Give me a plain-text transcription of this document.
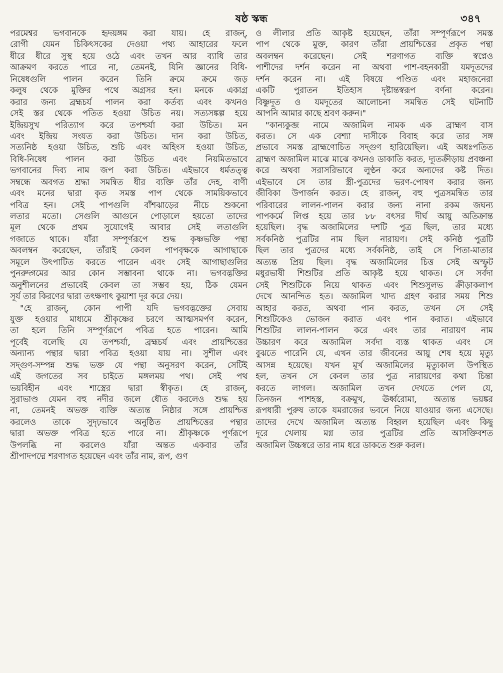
ষষ্ঠ স্কন্ধ	৩৪৭
পরমেশ্বর ভগবানকে হৃদয়ঙ্গম করা যায়। হে রাজন্‌,
রোগী যেমন চিকিৎসকের দেওয়া পথ্য আহারের ফলে
ধীরে ধীরে সুস্থ হয়ে ওঠে এবং তখন আর ব্যাধি তার
আক্রমণ করতে পারে না, তেমনই, যিনি জ্ঞানের বিধি-
নিষেধগুলি পালন করেন তিনি ক্রমে ক্রমে জড়
কলুষ থেকে মুক্তির পথে অগ্রসর হন। মনকে একাগ্র
করার জন্য ব্রহ্মচর্য পালন করা কর্তব্য এবং কখনও
সেই স্তর থেকে পতিত হওয়া উচিত নয়। সত্যসঙ্কল্প হয়ে
ইন্দ্রিয়সুখ পরিত্যাগ করে তপশ্চর্যা করা উচিত। মন
এবং ইন্দ্রিয় সংযত করা উচিত। দান করা উচিত,
সত্যনিষ্ঠ হওয়া উচিত, শুচি এবং অহিংস হওয়া উচিত,
বিধি-নিষেধ পালন করা উচিত এবং নিয়মিতভাবে
ভগবানের দিব্য নাম জপ করা উচিত। এইভাবে ধর্মতত্ত্ব
সম্বন্ধে অবগত শ্রদ্ধা সমন্বিত ধীর ব্যক্তি তাঁর দেহ, বাণী
এবং মনের দ্বারা কৃত সমস্ত পাপ থেকে সাময়িকভাবে
পবিত্র হন। সেই পাপগুলি বাঁশঝাড়ের নীচে শুকনো
লতার মতো। সেগুলি আগুনে পোড়ালে হয়তো তাদের
মূল থেকে প্রথম সুযোগেই আবার সেই লতাগুলি
গজাতে থাকে। যাঁরা সম্পূর্ণরূপে শুদ্ধ কৃষ্ণভক্তি পন্থা
অবলম্বন করেছেন, তাঁরাই কেবল পাপবৃক্ষকে আগাছাকে
সমূলে উৎপাটিত করতে পারেন এবং সেই আগাছাগুলির
পুনরুদ্গমের আর কোন সম্ভাবনা থাকে না। ভগবদ্ভক্তির
অনুশীলনের প্রভাবেই কেবল তা সম্ভব হয়, ঠিক যেমন
সূর্য তার কিরণের দ্বারা তৎক্ষণাৎ কুয়াশা দূর করে দেয়।
"হে রাজন্‌, কোন পাপী যদি ভগবদ্ভক্তের সেবায়
যুক্ত হওয়ার মাধ্যমে শ্রীকৃষ্ণের চরণে আত্মসমর্পণ করেন,
তা হলে তিনি সম্পূর্ণরূপে পবিত্র হতে পারেন। আমি
পূর্বেই বলেছি যে তপশ্চর্যা, ব্রহ্মচর্য এবং প্রায়শ্চিত্তের
অন্যান্য পন্থার দ্বারা পবিত্র হওয়া যায় না। সুশীল এবং
সদ্গুণ-সম্পন্ন শুদ্ধ ভক্ত যে পন্থা অনুসরণ করেন, সেটিই
এই জগতের সব চাইতে মঙ্গলময় পথ। সেই পথ
ভয়বিহীন এবং শাস্ত্রের দ্বারা স্বীকৃত। হে রাজন্‌,
সুরাভাণ্ড যেমন বহু নদীর জলে ধৌত করলেও শুদ্ধ হয়
না, তেমনই অভক্ত ব্যক্তি অত্যন্ত নিষ্ঠার সঙ্গে প্রায়শ্চিত্ত
করলেও তাকে সুদৃঢ়ভাবে অনুষ্ঠিত প্রায়শ্চিত্তের পন্থার
দ্বারা অভক্ত পবিত্র হতে পারে না। শ্রীকৃষ্ণকে পূর্ণরূপে
উপলব্ধি না করলেও যাঁরা অন্তত একবার তাঁর
শ্রীপাদপদ্মে শরণাগত হয়েছেন এবং তাঁর নাম, রূপ, গুণ
ও লীলার প্রতি আকৃষ্ট হয়েছেন, তাঁরা সম্পূর্ণরূপে সমস্ত
পাপ থেকে মুক্ত, কারণ তাঁরা প্রায়শ্চিত্তের প্রকৃত পন্থা
অবলম্বন করেছেন। সেই শরণাগত ব্যক্তি স্বপ্নেও
পাশীদের দর্শন করেন না অথবা পাশ-বহনকারী যমদূতদের
দর্শন করেন না। এই বিষয়ে পণ্ডিত এবং মহাজনেরা
একটি পুরাতন ইতিহাস দৃষ্টান্তস্বরূপ বর্ণনা করেন।
বিষ্ণুদূত ও যমদূতের আলোচনা সমন্বিত সেই ঘটনাটি
আপনি আমার কাছে শ্রবণ করুন।"
"কান্যকুব্জ নামে অজামিল নামক এক ব্রাহ্মণ বাস
করত। সে এক বেশ্যা দাসীকে বিবাহ করে তার সঙ্গ
প্রভাবে সমস্ত ব্রাহ্মণোচিত সদ্গুণ হারিয়েছিল। এই অধঃপতিত
ব্রাহ্মণ অজামিল মাঝে মাঝে কখনও ডাকাতি করত, দ্যূতক্রীড়ায় প্রবঞ্চনা
করে অথবা সরাসরিভাবে লুণ্ঠন করে অন্যদের কষ্ট দিত।
এইভাবে সে তার স্ত্রী-পুত্রদের ভরণ-পোষণ করার জন্য
জীবিকা উপার্জন করত। হে রাজন্‌, বহু পুত্রসমন্বিত তার
পরিবারের লালন-পালন করার জন্য নানা রকম জঘন্য
পাপকর্মে লিপ্ত হয়ে তার ৮৮ বৎসর দীর্ঘ আয়ু অতিক্রান্ত
হয়েছিল। বৃদ্ধ অজামিলের দশটি পুত্র ছিল, তার মধ্যে
সর্বকনিষ্ঠ পুত্রটির নাম ছিল নারায়ণ। সেই কনিষ্ঠ পুত্রটি
ছিল তার পুত্রদের মধ্যে সর্বকনিষ্ঠ, তাই সে পিতা-মাতার
অত্যন্ত প্রিয় ছিল। বৃদ্ধ অজামিলের চিত্ত সেই অস্ফুট
মধুরভাষী শিশুটির প্রতি আকৃষ্ট হয়ে থাকত। সে সর্বদা
সেই শিশুটিকে নিয়ে থাকত এবং শিশুসুলভ ক্রীড়াকলাপ
দেখে আনন্দিত হত। অজামিল খাদ্য গ্রহণ করার সময় শিশু
আহার করত, অথবা পান করত, তখন সে সেই
শিশুটিকেও ভোজন করাত এবং পান করাত। এইভাবে
শিশুটির লালন-পালন করে এবং তার নারায়ণ নাম
উচ্চারণ করে অজামিল সর্বদা ব্যস্ত থাকত এবং সে
বুঝতে পারেনি যে, এখন তার জীবনের আয়ু শেষ হয়ে মৃত্যু
আসন্ন হয়েছে। যখন মূর্খ অজামিলের মৃত্যুকাল উপস্থিত
হল, তখন সে কেবল তার পুত্র নারায়ণের কথা চিন্তা
করতে লাগল। অজামিল তখন দেখতে পেল যে,
তিনজন পাশহস্ত, বক্রমুখ, ঊর্ধ্বরোমা, অত্যন্ত ভয়ঙ্কর
রূপধারী পুরুষ তাকে যমরাজের ভবনে নিয়ে যাওয়ার জন্য এসেছে।
তাদের দেখে অজামিল অত্যন্ত বিহ্বল হয়েছিল এবং কিছু
দূরে খেলায় মগ্ন তার পুত্রটির প্রতি আসক্তিবশত
অজামিল উচ্চস্বরে তার নাম ধরে ডাকতে শুরু করল।
